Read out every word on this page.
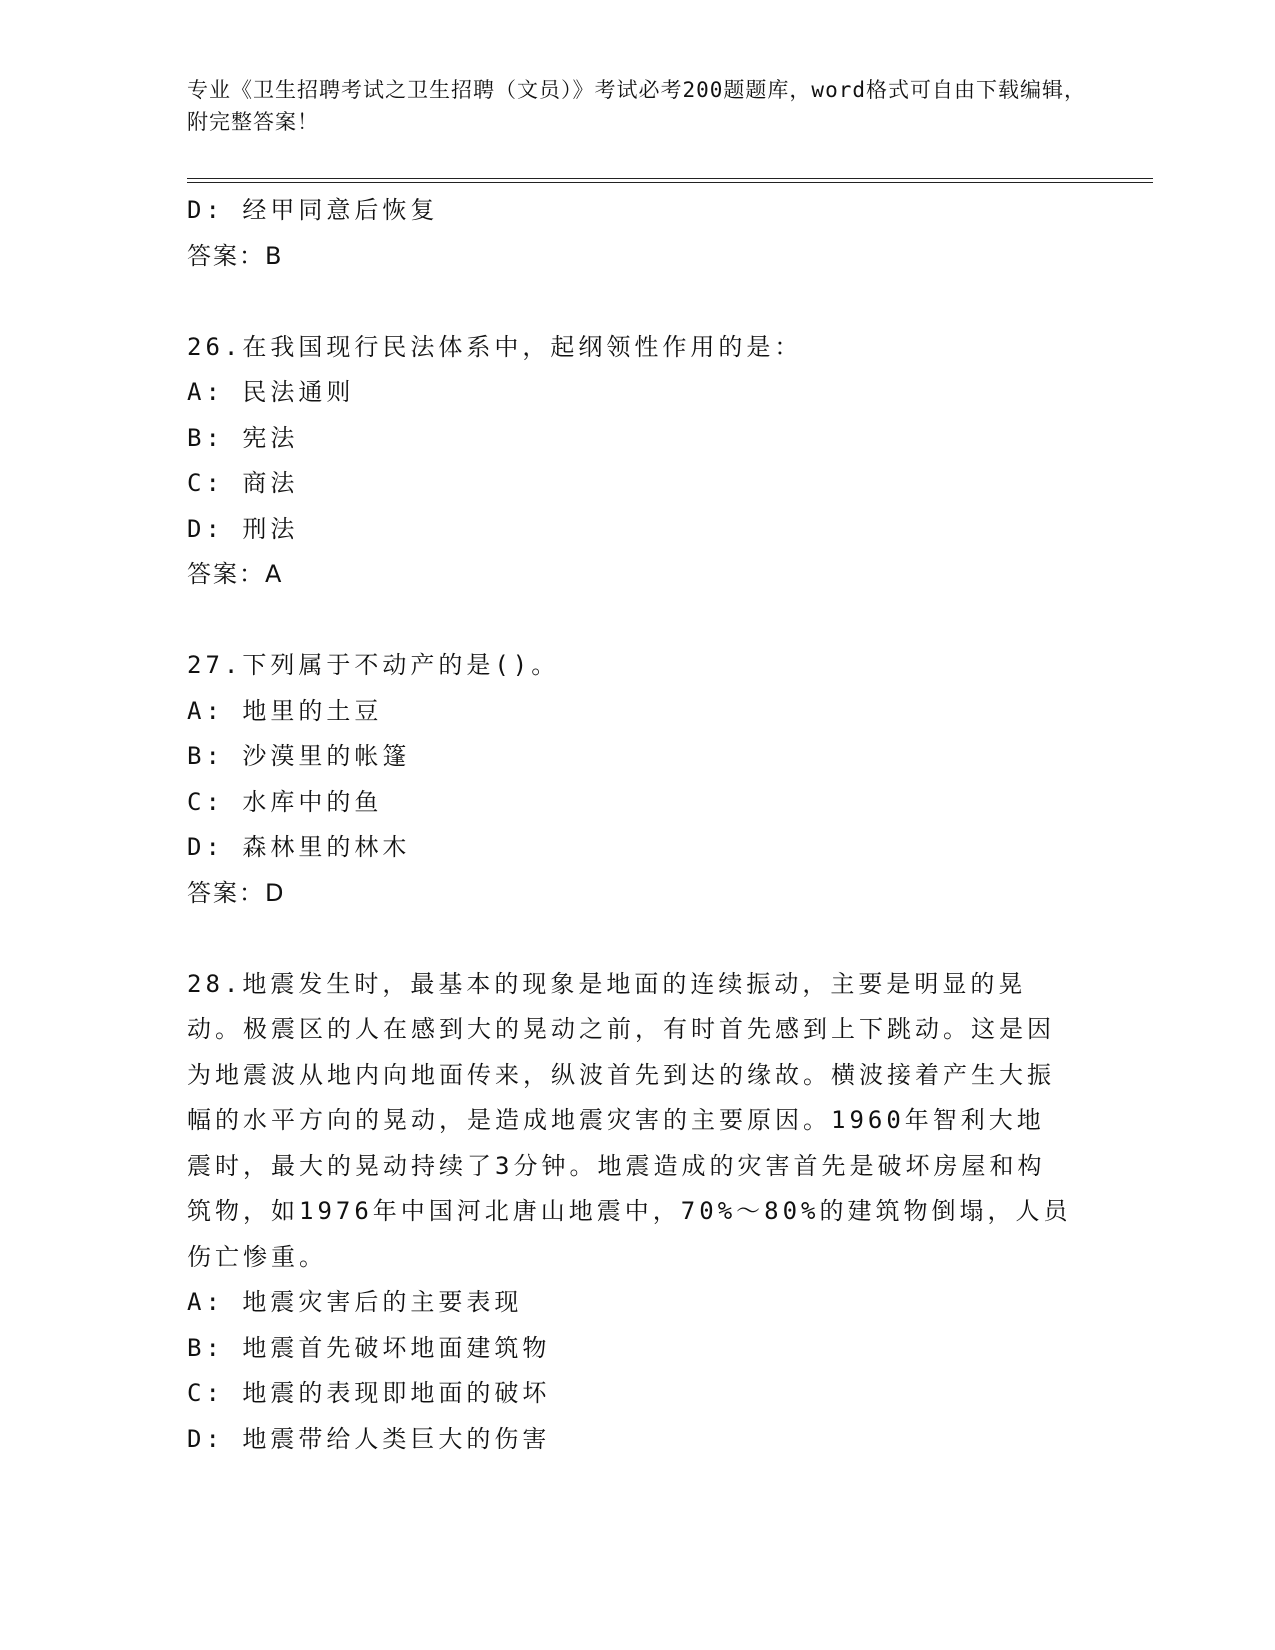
专业《卫生招聘考试之卫生招聘（文员）》考试必考200题题库，word格式可自由下载编辑，附完整答案！
D: 经甲同意后恢复
答案：B
26.在我国现行民法体系中，起纲领性作用的是：
A: 民法通则
B: 宪法
C: 商法
D: 刑法
答案：A
27.下列属于不动产的是()。
A: 地里的土豆
B: 沙漠里的帐篷
C: 水库中的鱼
D: 森林里的林木
答案：D
28.地震发生时，最基本的现象是地面的连续振动，主要是明显的晃动。极震区的人在感到大的晃动之前，有时首先感到上下跳动。这是因为地震波从地内向地面传来，纵波首先到达的缘故。横波接着产生大振幅的水平方向的晃动，是造成地震灾害的主要原因。1960年智利大地震时，最大的晃动持续了3分钟。地震造成的灾害首先是破坏房屋和构筑物，如1976年中国河北唐山地震中，70%～80%的建筑物倒塌，人员伤亡惨重。
A: 地震灾害后的主要表现
B: 地震首先破坏地面建筑物
C: 地震的表现即地面的破坏
D: 地震带给人类巨大的伤害
